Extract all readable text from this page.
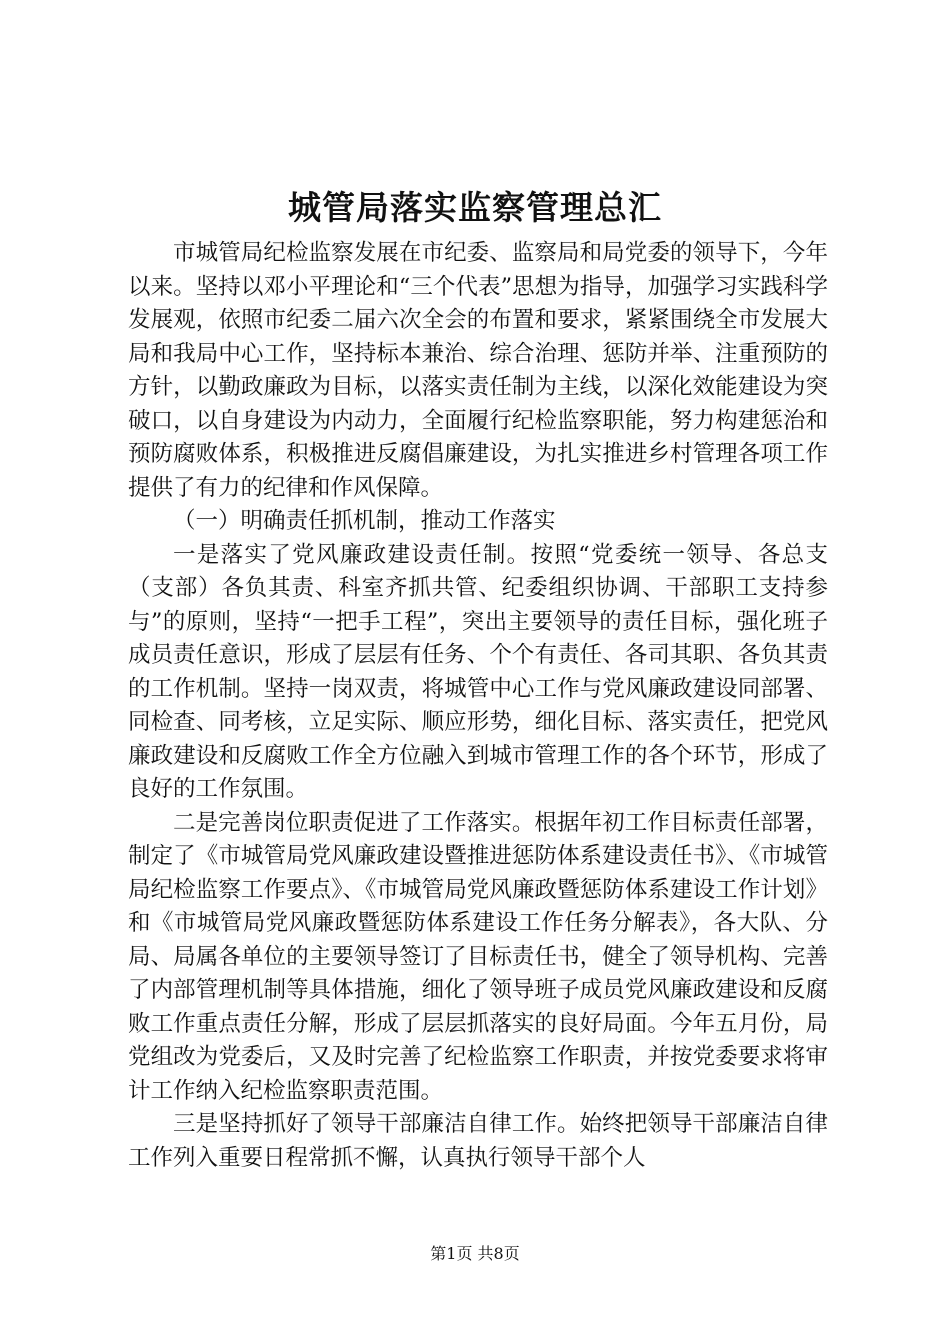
城管局落实监察管理总汇

市城管局纪检监察发展在市纪委、监察局和局党委的领导下，今年以来。坚持以邓小平理论和“三个代表”思想为指导，加强学习实践科学发展观，依照市纪委二届六次全会的布置和要求，紧紧围绕全市发展大局和我局中心工作，坚持标本兼治、综合治理、惩防并举、注重预防的方针，以勤政廉政为目标，以落实责任制为主线，以深化效能建设为突破口，以自身建设为内动力，全面履行纪检监察职能，努力构建惩治和预防腐败体系，积极推进反腐倡廉建设，为扎实推进乡村管理各项工作提供了有力的纪律和作风保障。

（一）明确责任抓机制，推动工作落实

一是落实了党风廉政建设责任制。按照“党委统一领导、各总支（支部）各负其责、科室齐抓共管、纪委组织协调、干部职工支持参与”的原则，坚持“一把手工程”，突出主要领导的责任目标，强化班子成员责任意识，形成了层层有任务、个个有责任、各司其职、各负其责的工作机制。坚持一岗双责，将城管中心工作与党风廉政建设同部署、同检查、同考核，立足实际、顺应形势，细化目标、落实责任，把党风廉政建设和反腐败工作全方位融入到城市管理工作的各个环节，形成了良好的工作氛围。

二是完善岗位职责促进了工作落实。根据年初工作目标责任部署，制定了《市城管局党风廉政建设暨推进惩防体系建设责任书》、《市城管局纪检监察工作要点》、《市城管局党风廉政暨惩防体系建设工作计划》和《市城管局党风廉政暨惩防体系建设工作任务分解表》，各大队、分局、局属各单位的主要领导签订了目标责任书，健全了领导机构、完善了内部管理机制等具体措施，细化了领导班子成员党风廉政建设和反腐败工作重点责任分解，形成了层层抓落实的良好局面。今年五月份，局党组改为党委后，又及时完善了纪检监察工作职责，并按党委要求将审计工作纳入纪检监察职责范围。

三是坚持抓好了领导干部廉洁自律工作。始终把领导干部廉洁自律工作列入重要日程常抓不懈，认真执行领导干部个人

第1页 共8页
